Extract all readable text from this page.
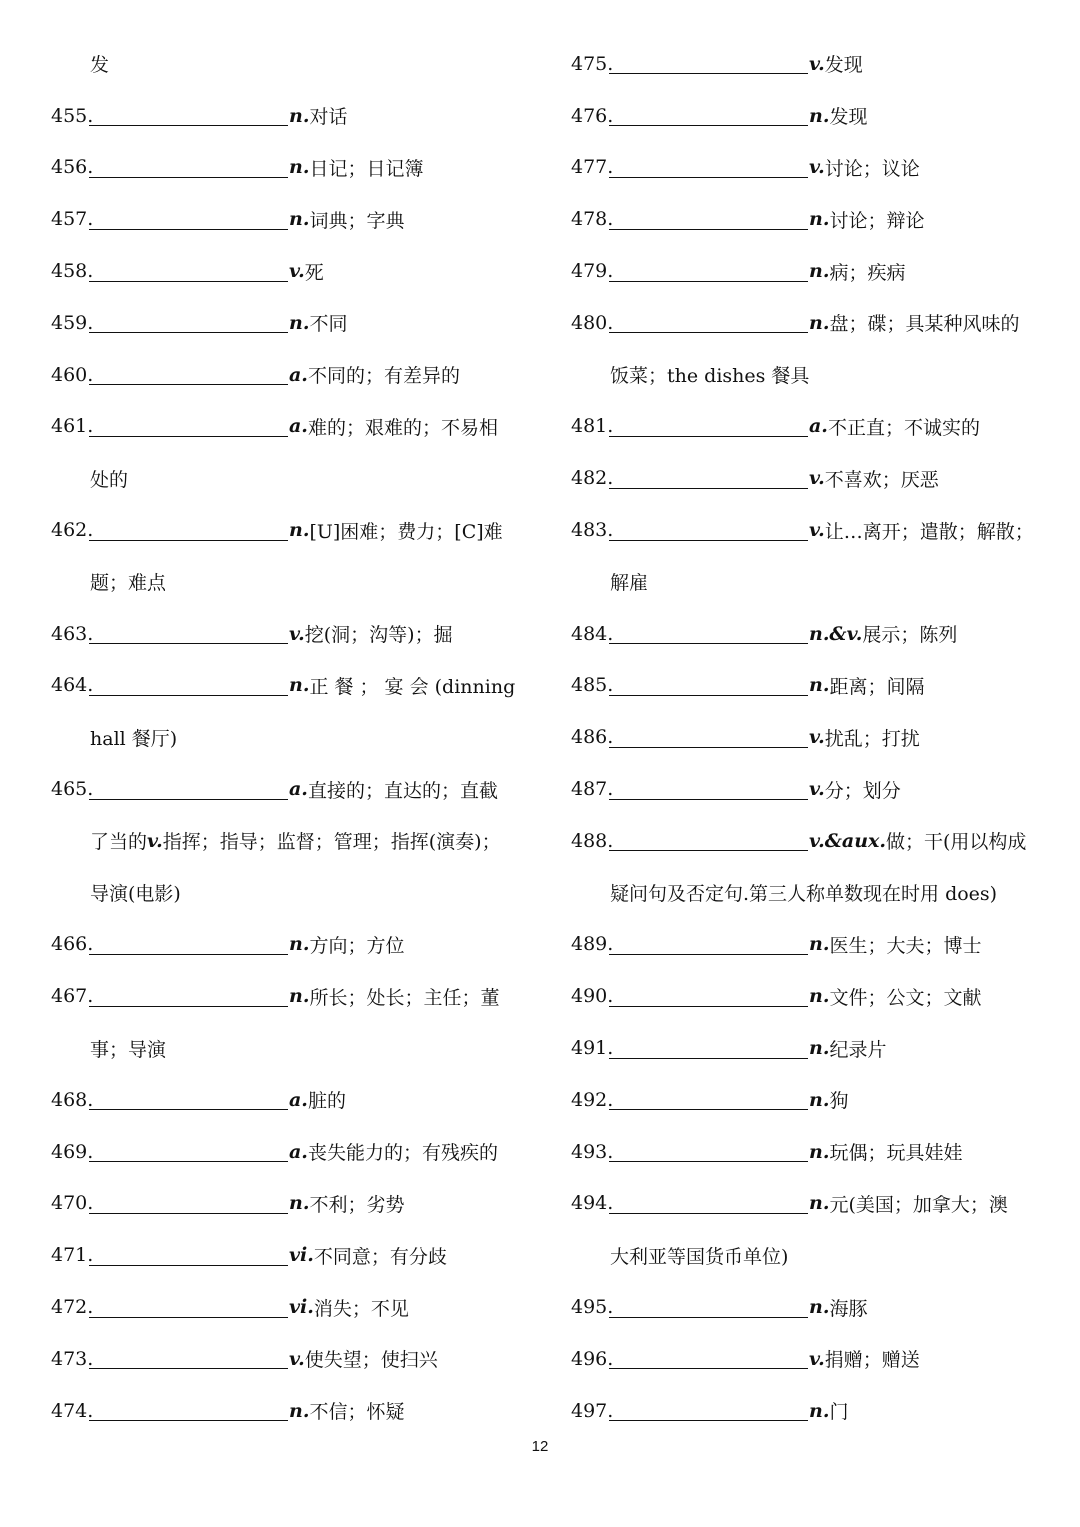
发
455.	n. 对话
456.	n. 日记；日记簿
457.	n. 词典；字典
458.	v. 死
459.	n. 不同
460.	a. 不同的；有差异的
461.	a. 难的；艰难的；不易相
处的
462.	n. [U]困难；费力；[C]难
题；难点
463.	v. 挖(洞；沟等)；掘
464.	n. 正 餐 ； 宴 会 (dinning
hall 餐厅)
465.	a. 直接的；直达的；直截
了当的 v. 指挥；指导；监督；管理；指挥(演奏)；
导演(电影)
466.	n. 方向；方位
467.	n. 所长；处长；主任；董
事；导演
468.	a. 脏的
469.	a. 丧失能力的；有残疾的
470.	n. 不利；劣势
471.	vi. 不同意；有分歧
472.	vi. 消失；不见
473.	v. 使失望；使扫兴
474.	n. 不信；怀疑
475.	v. 发现
476.	n. 发现
477.	v. 讨论；议论
478.	n. 讨论；辩论
479.	n. 病；疾病
480.	n. 盘；碟；具某种风味的
饭菜；the dishes 餐具
481.	a. 不正直；不诚实的
482.	v. 不喜欢；厌恶
483.	v. 让…离开；遣散；解散；
解雇
484.	n.&v. 展示；陈列
485.	n. 距离；间隔
486.	v. 扰乱；打扰
487.	v. 分；划分
488.	v.&aux. 做；干(用以构成
疑问句及否定句.第三人称单数现在时用 does)
489.	n. 医生；大夫；博士
490.	n. 文件；公文；文献
491.	n. 纪录片
492.	n. 狗
493.	n. 玩偶；玩具娃娃
494.	n. 元(美国；加拿大；澳
大利亚等国货币单位)
495.	n. 海豚
496.	v. 捐赠；赠送
497.	n. 门
12
